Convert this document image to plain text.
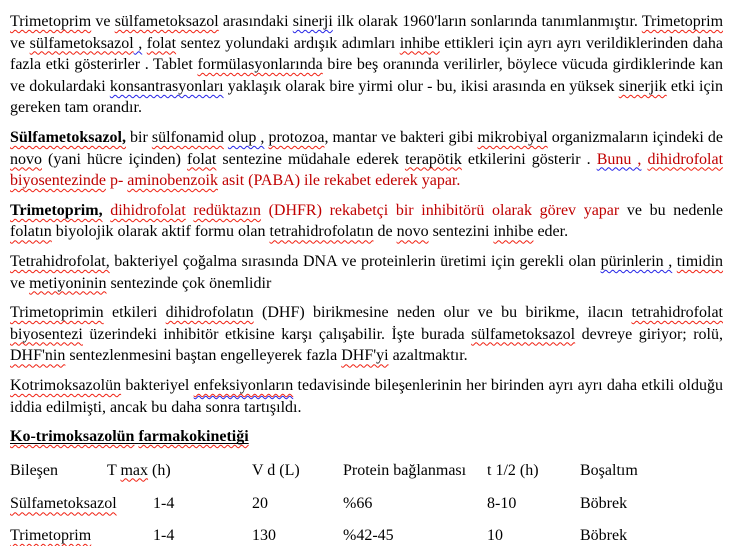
Trimetoprim ve sülfametoksazol arasındaki sinerji ilk olarak 1960'ların sonlarında tanımlanmıştır. Trimetoprim ve sülfametoksazol , folat sentez yolundaki ardışık adımları inhibe ettikleri için ayrı ayrı verildiklerinden daha fazla etki gösterirler . Tablet formülasyonlarında bire beş oranında verilirler, böylece vücuda girdiklerinde kan ve dokulardaki konsantrasyonları yaklaşık olarak bire yirmi olur - bu, ikisi arasında en yüksek sinerjik etki için gereken tam orandır.

Sülfametoksazol, bir sülfonamid olup , protozoa, mantar ve bakteri gibi mikrobiyal organizmaların içindeki de novo (yani hücre içinden) folat sentezine müdahale ederek terapötik etkilerini gösterir . Bunu , dihidrofolat biyosentezinde p- aminobenzoik asit (PABA) ile rekabet ederek yapar.

Trimetoprim, dihidrofolat redüktazın (DHFR) rekabetçi bir inhibitörü olarak görev yapar ve bu nedenle folatın biyolojik olarak aktif formu olan tetrahidrofolatın de novo sentezini inhibe eder.

Tetrahidrofolat, bakteriyel çoğalma sırasında DNA ve proteinlerin üretimi için gerekli olan pürinlerin , timidin ve metiyoninin sentezinde çok önemlidir

Trimetoprimin etkileri dihidrofolatın (DHF) birikmesine neden olur ve bu birikme, ilacın tetrahidrofolat biyosentezi üzerindeki inhibitör etkisine karşı çalışabilir. İşte burada sülfametoksazol devreye giriyor; rolü, DHF'nin sentezlenmesini baştan engelleyerek fazla DHF'yi azaltmaktır.

Kotrimoksazolün bakteriyel enfeksiyonların tedavisinde bileşenlerinin her birinden ayrı ayrı daha etkili olduğu iddia edilmişti, ancak bu daha sonra tartışıldı.

Ko-trimoksazolün farmakokinetiği
Bileşen	T max (h)	V d (L)	Protein bağlanması	t 1/2 (h)	Boşaltım
Sülfametoksazol	1-4	20	%66	8-10	Böbrek
Trimetoprim	1-4	130	%42-45	10	Böbrek
